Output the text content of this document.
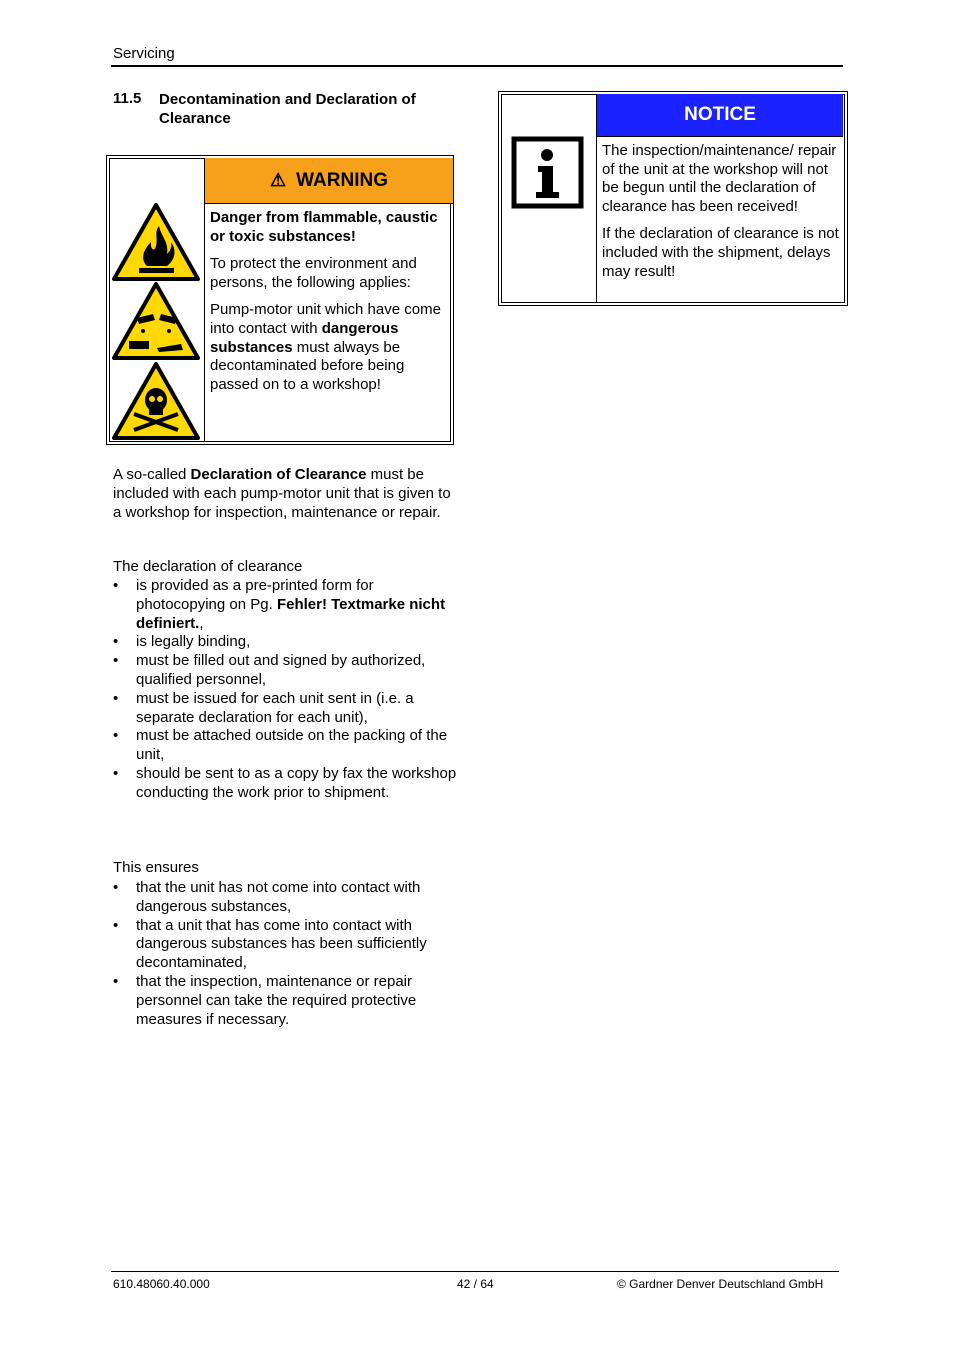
Servicing
11.5 Decontamination and Declaration of Clearance
⚠ WARNING

Danger from flammable, caustic or toxic substances!

To protect the environment and persons, the following applies:

Pump-motor unit which have come into contact with dangerous substances must always be decontaminated before being passed on to a workshop!

NOTICE

The inspection/maintenance/ repair of the unit at the workshop will not be begun until the declaration of clearance has been received!

If the declaration of clearance is not included with the shipment, delays may result!

A so-called Declaration of Clearance must be included with each pump-motor unit that is given to a workshop for inspection, maintenance or repair.
The declaration of clearance
• is provided as a pre-printed form for photocopying on Pg. Fehler! Textmarke nicht definiert.,
• is legally binding,
• must be filled out and signed by authorized, qualified personnel,
• must be issued for each unit sent in (i.e. a separate declaration for each unit),
• must be attached outside on the packing of the unit,
• should be sent to as a copy by fax the workshop conducting the work prior to shipment.
This ensures
• that the unit has not come into contact with dangerous substances,
• that a unit that has come into contact with dangerous substances has been sufficiently decontaminated,
• that the inspection, maintenance or repair personnel can take the required protective measures if necessary.
610.48060.40.000	42 / 64	© Gardner Denver Deutschland GmbH
